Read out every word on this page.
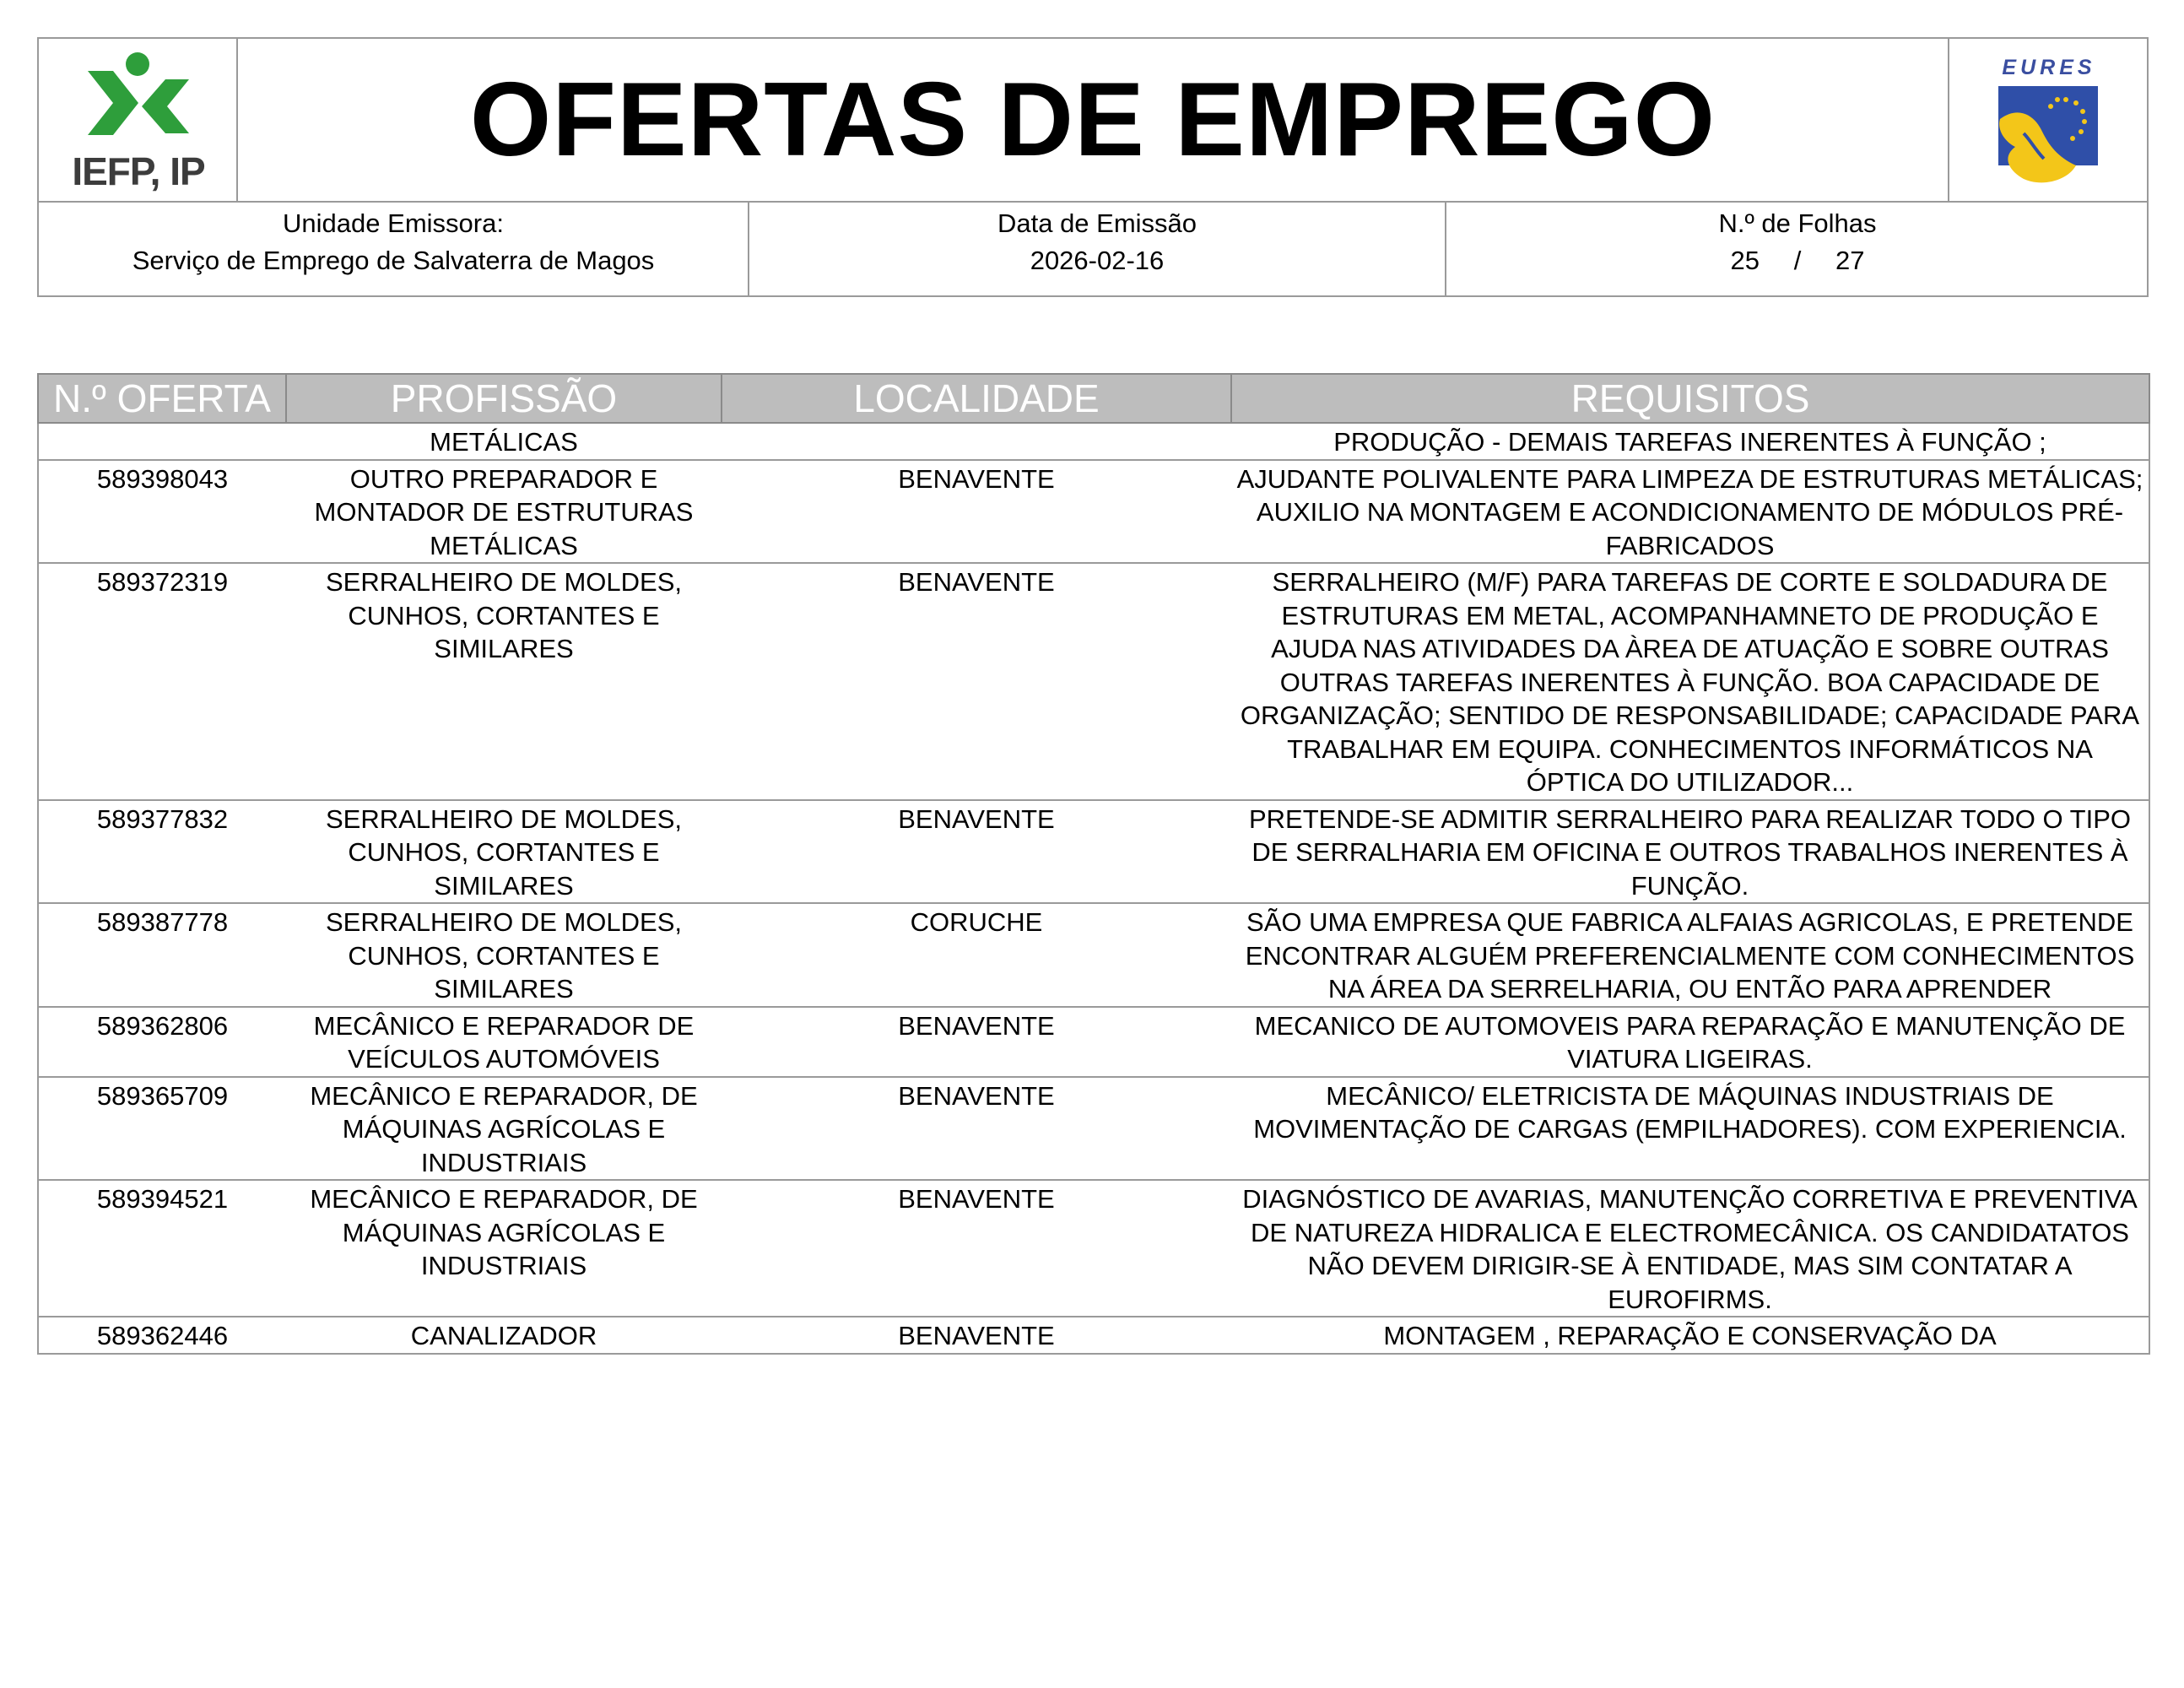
IEFP, IP	OFERTAS DE EMPREGO	EURES
Unidade Emissora:
Serviço de Emprego de Salvaterra de Magos
Data de Emissão
2026-02-16
N.º de Folhas
25 / 27
N.º OFERTA	PROFISSÃO	LOCALIDADE	REQUISITOS
	METÁLICAS		PRODUÇÃO - DEMAIS TAREFAS INERENTES À FUNÇÃO ;
589398043	OUTRO PREPARADOR E MONTADOR DE ESTRUTURAS METÁLICAS	BENAVENTE	AJUDANTE POLIVALENTE PARA LIMPEZA DE ESTRUTURAS METÁLICAS; AUXILIO NA MONTAGEM E ACONDICIONAMENTO DE MÓDULOS PRÉ-FABRICADOS
589372319	SERRALHEIRO DE MOLDES, CUNHOS, CORTANTES E SIMILARES	BENAVENTE	SERRALHEIRO (M/F) PARA TAREFAS DE CORTE E SOLDADURA DE ESTRUTURAS EM METAL, ACOMPANHAMNETO DE PRODUÇÃO E AJUDA NAS ATIVIDADES DA ÀREA DE ATUAÇÃO E SOBRE OUTRAS OUTRAS TAREFAS INERENTES À FUNÇÃO. BOA CAPACIDADE DE ORGANIZAÇÃO; SENTIDO DE RESPONSABILIDADE; CAPACIDADE PARA TRABALHAR EM EQUIPA. CONHECIMENTOS INFORMÁTICOS NA ÓPTICA DO UTILIZADOR...
589377832	SERRALHEIRO DE MOLDES, CUNHOS, CORTANTES E SIMILARES	BENAVENTE	PRETENDE-SE ADMITIR SERRALHEIRO PARA REALIZAR TODO O TIPO DE SERRALHARIA EM OFICINA E OUTROS TRABALHOS INERENTES À FUNÇÃO.
589387778	SERRALHEIRO DE MOLDES, CUNHOS, CORTANTES E SIMILARES	CORUCHE	SÃO UMA EMPRESA QUE FABRICA ALFAIAS AGRICOLAS, E PRETENDE ENCONTRAR ALGUÉM PREFERENCIALMENTE COM CONHECIMENTOS NA ÁREA DA SERRELHARIA, OU ENTÃO PARA APRENDER
589362806	MECÂNICO E REPARADOR DE VEÍCULOS AUTOMÓVEIS	BENAVENTE	MECANICO DE AUTOMOVEIS PARA REPARAÇÃO E MANUTENÇÃO DE VIATURA LIGEIRAS.
589365709	MECÂNICO E REPARADOR, DE MÁQUINAS AGRÍCOLAS E INDUSTRIAIS	BENAVENTE	MECÂNICO/ ELETRICISTA DE MÁQUINAS INDUSTRIAIS DE MOVIMENTAÇÃO DE CARGAS (EMPILHADORES). COM EXPERIENCIA.
589394521	MECÂNICO E REPARADOR, DE MÁQUINAS AGRÍCOLAS E INDUSTRIAIS	BENAVENTE	DIAGNÓSTICO DE AVARIAS, MANUTENÇÃO CORRETIVA E PREVENTIVA DE NATUREZA HIDRALICA E ELECTROMECÂNICA. OS CANDIDATATOS NÃO DEVEM DIRIGIR-SE À ENTIDADE, MAS SIM CONTATAR A EUROFIRMS.
589362446	CANALIZADOR	BENAVENTE	MONTAGEM , REPARAÇÃO E CONSERVAÇÃO DA
